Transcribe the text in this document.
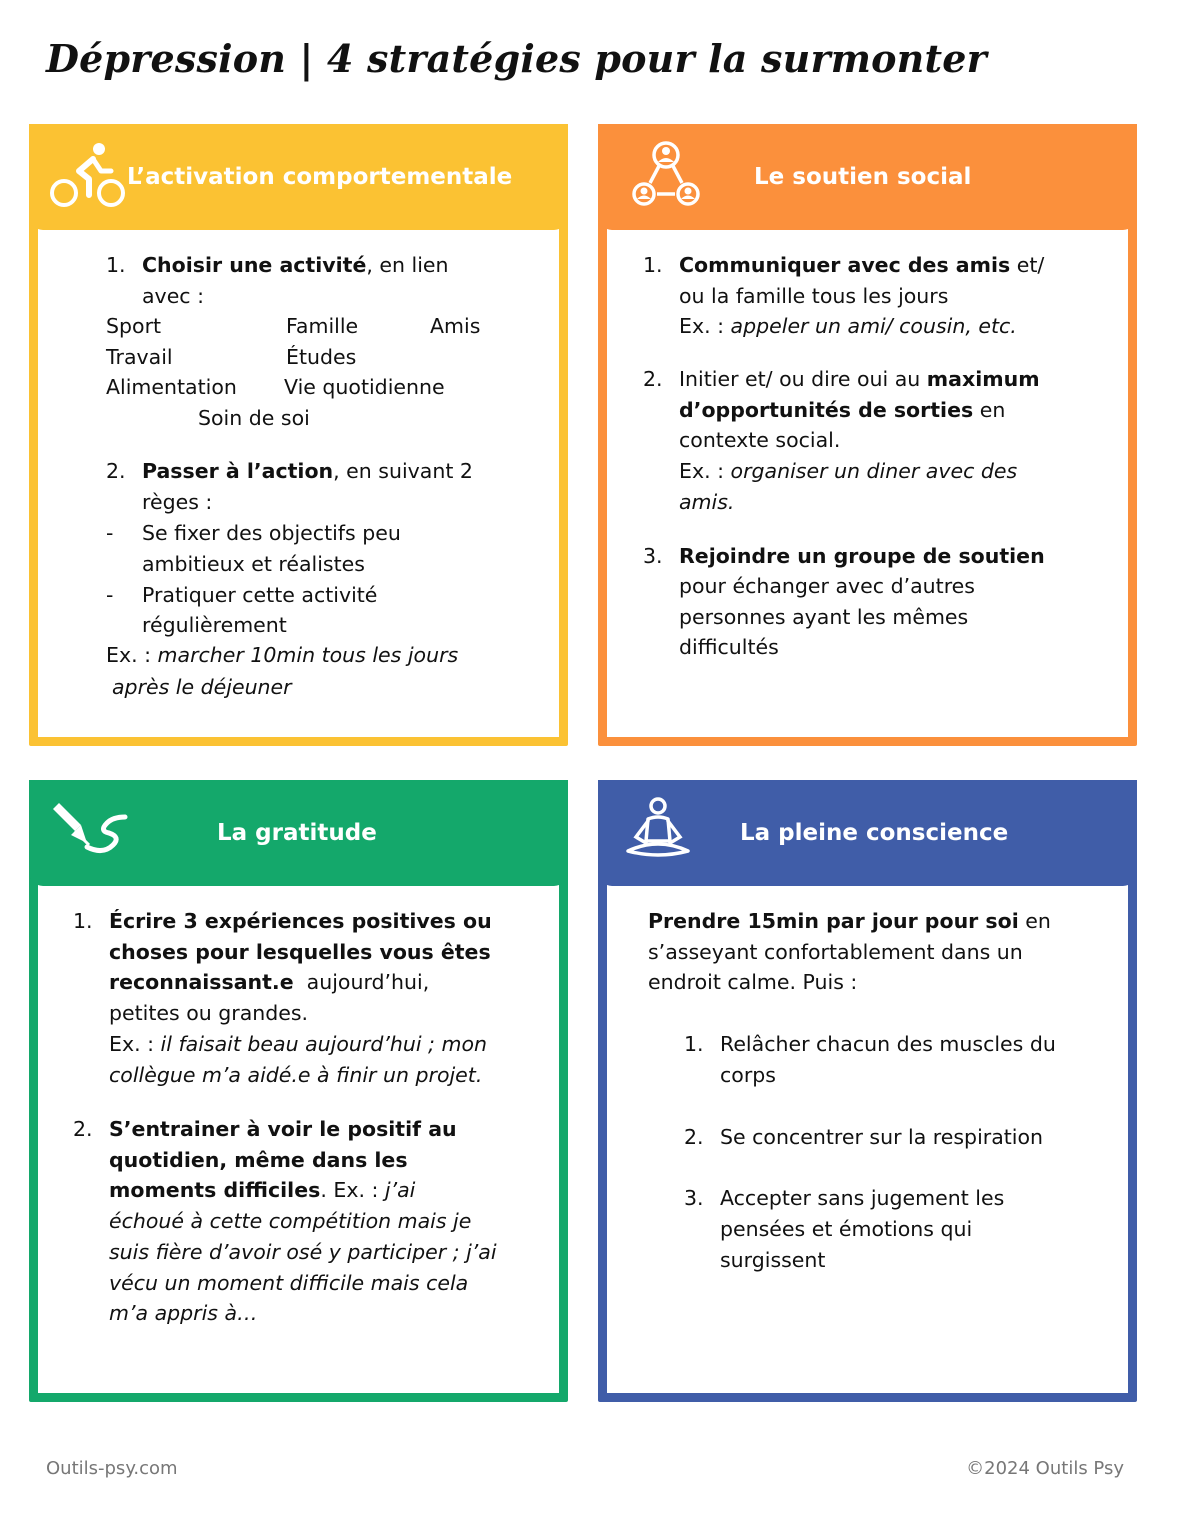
Dépression | 4 stratégies pour la surmonter
L’activation comportementale
1. Choisir une activité, en lien
avec :
Sport	Famille	Amis
Travail	Études
Alimentation Vie quotidienne
Soin de soi
2. Passer à l’action, en suivant 2
règes :
- Se fixer des objectifs peu
ambitieux et réalistes
- Pratiquer cette activité
régulièrement
Ex. : marcher 10min tous les jours
après le déjeuner
Le soutien social
1. Communiquer avec des amis et/
ou la famille tous les jours
Ex. : appeler un ami/ cousin, etc.
2. Initier et/ ou dire oui au maximum
d’opportunités de sorties en
contexte social.
Ex. : organiser un diner avec des
amis.
3. Rejoindre un groupe de soutien
pour échanger avec d’autres
personnes ayant les mêmes
difficultés
La gratitude
1. Écrire 3 expériences positives ou
choses pour lesquelles vous êtes
reconnaissant.e  aujourd’hui,
petites ou grandes.
Ex. : il faisait beau aujourd’hui ; mon
collègue m’a aidé.e à finir un projet.
2. S’entrainer à voir le positif au
quotidien, même dans les
moments difficiles. Ex. : j’ai
échoué à cette compétition mais je
suis fière d’avoir osé y participer ; j’ai
vécu un moment difficile mais cela
m’a appris à…
La pleine conscience
Prendre 15min par jour pour soi en
s’asseyant confortablement dans un
endroit calme. Puis :
1. Relâcher chacun des muscles du
corps
2. Se concentrer sur la respiration
3. Accepter sans jugement les
pensées et émotions qui
surgissent
Outils-psy.com	©2024 Outils Psy
